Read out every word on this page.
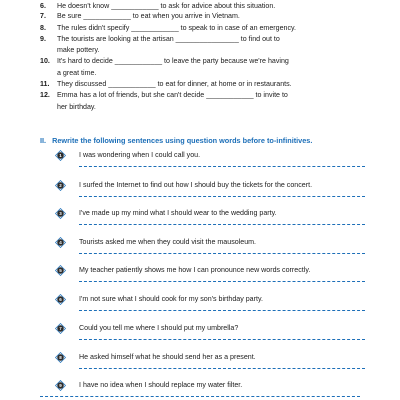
6. He doesn't know ____________ to ask for advice about this situation.
7. Be sure ____________ to eat when you arrive in Vietnam.
8. The rules didn't specify ____________ to speak to in case of an emergency.
9. The tourists are looking at the artisan ________________ to find out to
make pottery.
10. It's hard to decide ____________ to leave the party because we're having
a great time.
11. They discussed ____________ to eat for dinner, at home or in restaurants.
12. Emma has a lot of friends, but she can't decide ____________ to invite to
her birthday.
II. Rewrite the following sentences using question words before to-infinitives.
1 I was wondering when I could call you.
2 I surfed the Internet to find out how I should buy the tickets for the concert.
3 I've made up my mind what I should wear to the wedding party.
4 Tourists asked me when they could visit the mausoleum.
5 My teacher patiently shows me how I can pronounce new words correctly.
6 I'm not sure what I should cook for my son's birthday party.
7 Could you tell me where I should put my umbrella?
8 He asked himself what he should send her as a present.
9 I have no idea when I should replace my water filter.
